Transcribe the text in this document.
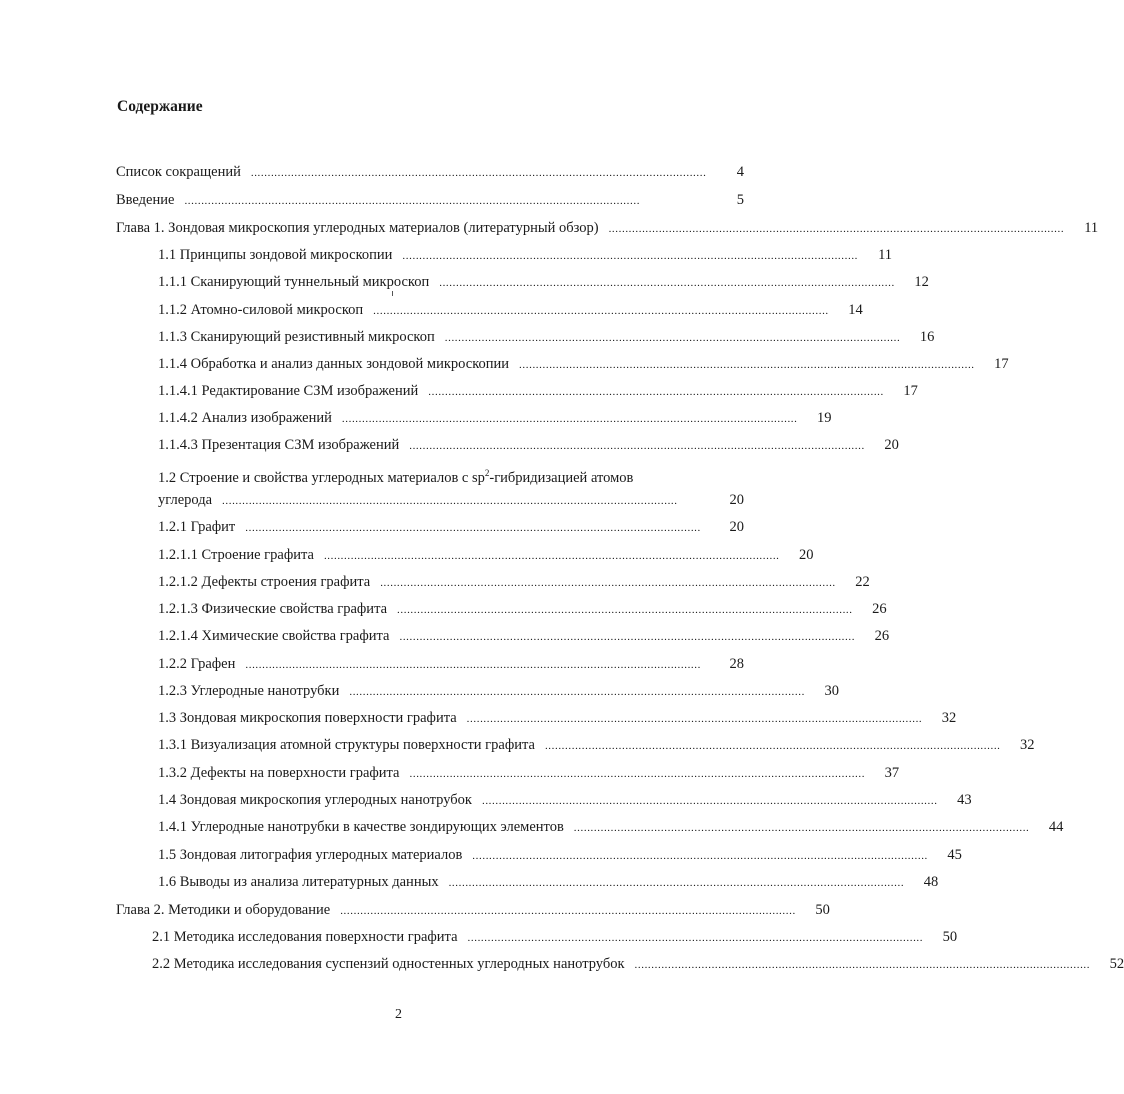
Содержание
Список сокращений ........................................................................................................................................	4
Введение ........................................................................................................................................	5
Глава 1. Зондовая микроскопия углеродных материалов (литературный обзор) ........................................................................................................................................	11
1.1 Принципы зондовой микроскопии ........................................................................................................................................	11
1.1.1 Сканирующий туннельный микроскоп ........................................................................................................................................	12
1.1.2 Атомно-силовой микроскоп ........................................................................................................................................	14
1.1.3 Сканирующий резистивный микроскоп ........................................................................................................................................	16
1.1.4 Обработка и анализ данных зондовой микроскопии ........................................................................................................................................	17
1.1.4.1 Редактирование СЗМ изображений ........................................................................................................................................	17
1.1.4.2 Анализ изображений ........................................................................................................................................	19
1.1.4.3 Презентация СЗМ изображений ........................................................................................................................................	20
1.2 Строение и свойства углеродных материалов с $sp^2$-гибридизацией атомов
углерода ........................................................................................................................................	20
1.2.1 Графит ........................................................................................................................................	20
1.2.1.1 Строение графита ........................................................................................................................................	20
1.2.1.2 Дефекты строения графита ........................................................................................................................................	22
1.2.1.3 Физические свойства графита ........................................................................................................................................	26
1.2.1.4 Химические свойства графита ........................................................................................................................................	26
1.2.2 Графен ........................................................................................................................................	28
1.2.3 Углеродные нанотрубки ........................................................................................................................................	30
1.3 Зондовая микроскопия поверхности графита ........................................................................................................................................	32
1.3.1 Визуализация атомной структуры поверхности графита ........................................................................................................................................	32
1.3.2 Дефекты на поверхности графита ........................................................................................................................................	37
1.4 Зондовая микроскопия углеродных нанотрубок ........................................................................................................................................	43
1.4.1 Углеродные нанотрубки в качестве зондирующих элементов ........................................................................................................................................	44
1.5 Зондовая литография углеродных материалов ........................................................................................................................................	45
1.6 Выводы из анализа литературных данных ........................................................................................................................................	48
Глава 2. Методики и оборудование ........................................................................................................................................	50
2.1 Методика исследования поверхности графита ........................................................................................................................................	50
2.2 Методика исследования суспензий одностенных углеродных нанотрубок ........................................................................................................................................	52
2
